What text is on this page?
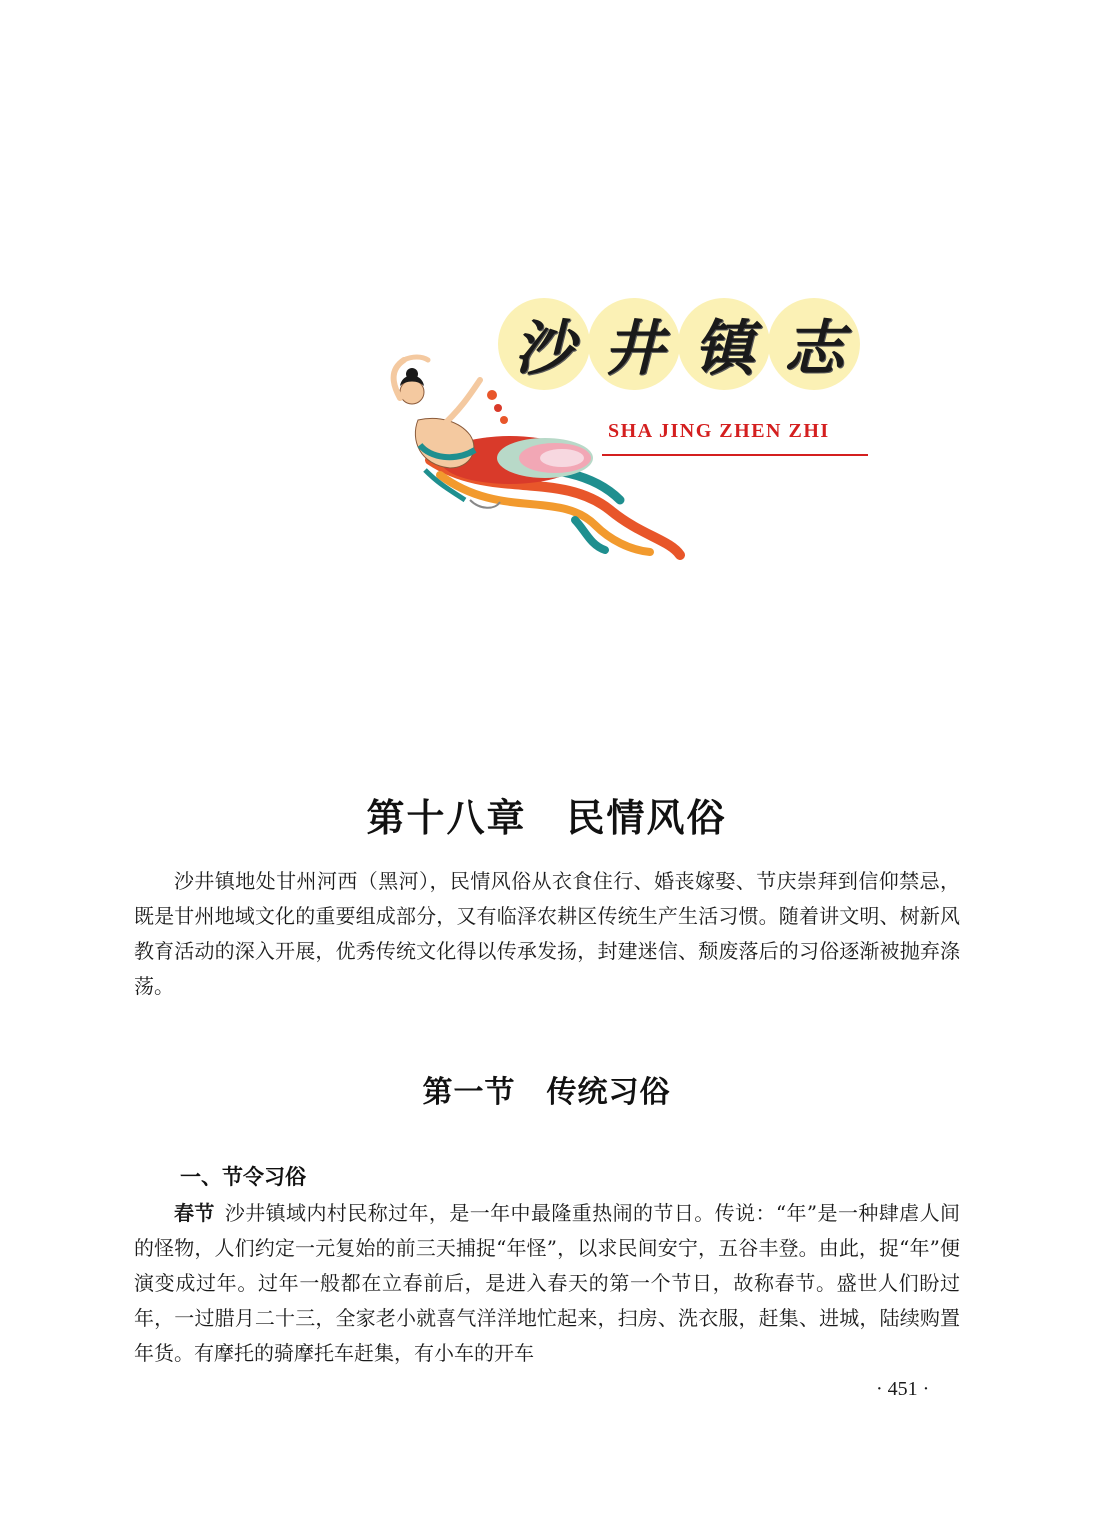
沙 井 镇 志
SHA JING ZHEN ZHI
第十八章　民情风俗

沙井镇地处甘州河西（黑河），民情风俗从衣食住行、婚丧嫁娶、节庆崇拜到信仰禁忌，既是甘州地域文化的重要组成部分，又有临泽农耕区传统生产生活习惯。随着讲文明、树新风教育活动的深入开展，优秀传统文化得以传承发扬，封建迷信、颓废落后的习俗逐渐被抛弃涤荡。

第一节　传统习俗
一、节令习俗

春节 沙井镇域内村民称过年，是一年中最隆重热闹的节日。传说：“年”是一种肆虐人间的怪物，人们约定一元复始的前三天捕捉“年怪”，以求民间安宁，五谷丰登。由此，捉“年”便演变成过年。过年一般都在立春前后，是进入春天的第一个节日，故称春节。盛世人们盼过年，一过腊月二十三，全家老小就喜气洋洋地忙起来，扫房、洗衣服，赶集、进城，陆续购置年货。有摩托的骑摩托车赶集，有小车的开车

· 451 ·
